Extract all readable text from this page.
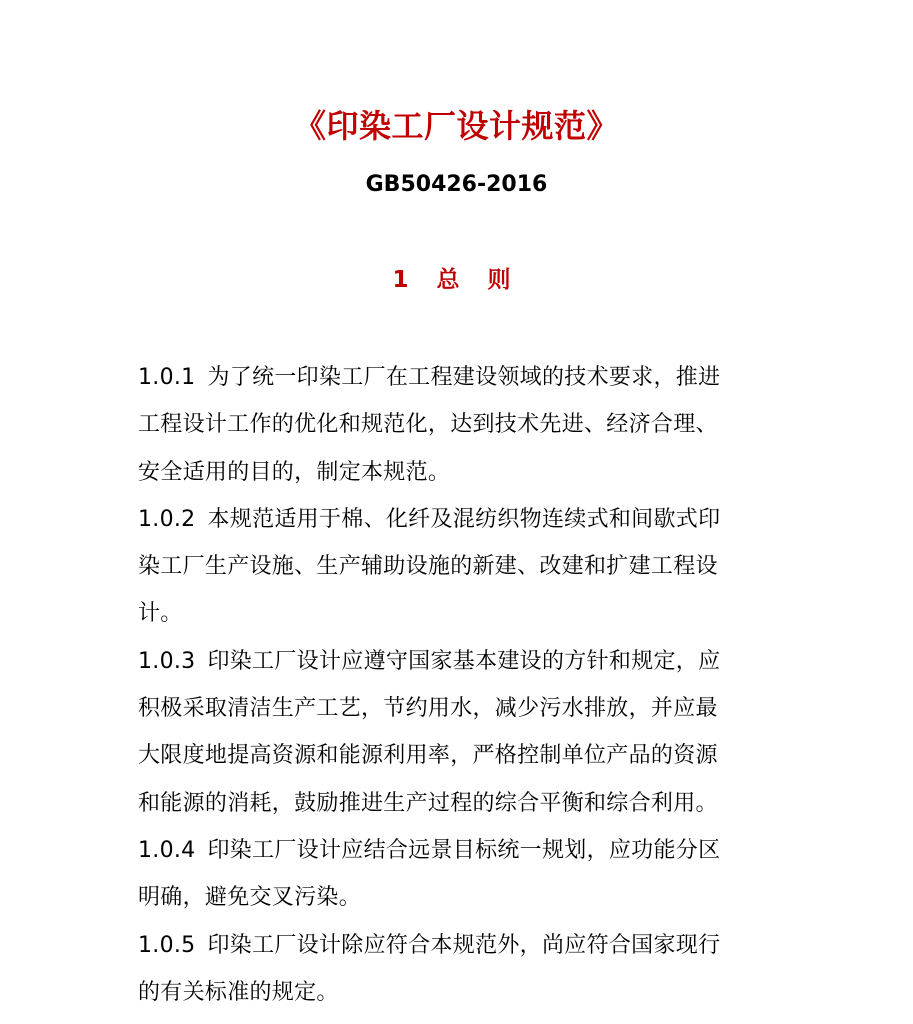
《印染工厂设计规范》
GB50426-2016
1 总 则

1.0.1 为了统一印染工厂在工程建设领域的技术要求，推进

工程设计工作的优化和规范化，达到技术先进、经济合理、

安全适用的目的，制定本规范。

1.0.2 本规范适用于棉、化纤及混纺织物连续式和间歇式印

染工厂生产设施、生产辅助设施的新建、改建和扩建工程设

计。

1.0.3 印染工厂设计应遵守国家基本建设的方针和规定，应

积极采取清洁生产工艺，节约用水，减少污水排放，并应最

大限度地提高资源和能源利用率，严格控制单位产品的资源

和能源的消耗，鼓励推进生产过程的综合平衡和综合利用。

1.0.4 印染工厂设计应结合远景目标统一规划，应功能分区

明确，避免交叉污染。

1.0.5 印染工厂设计除应符合本规范外，尚应符合国家现行

的有关标准的规定。
